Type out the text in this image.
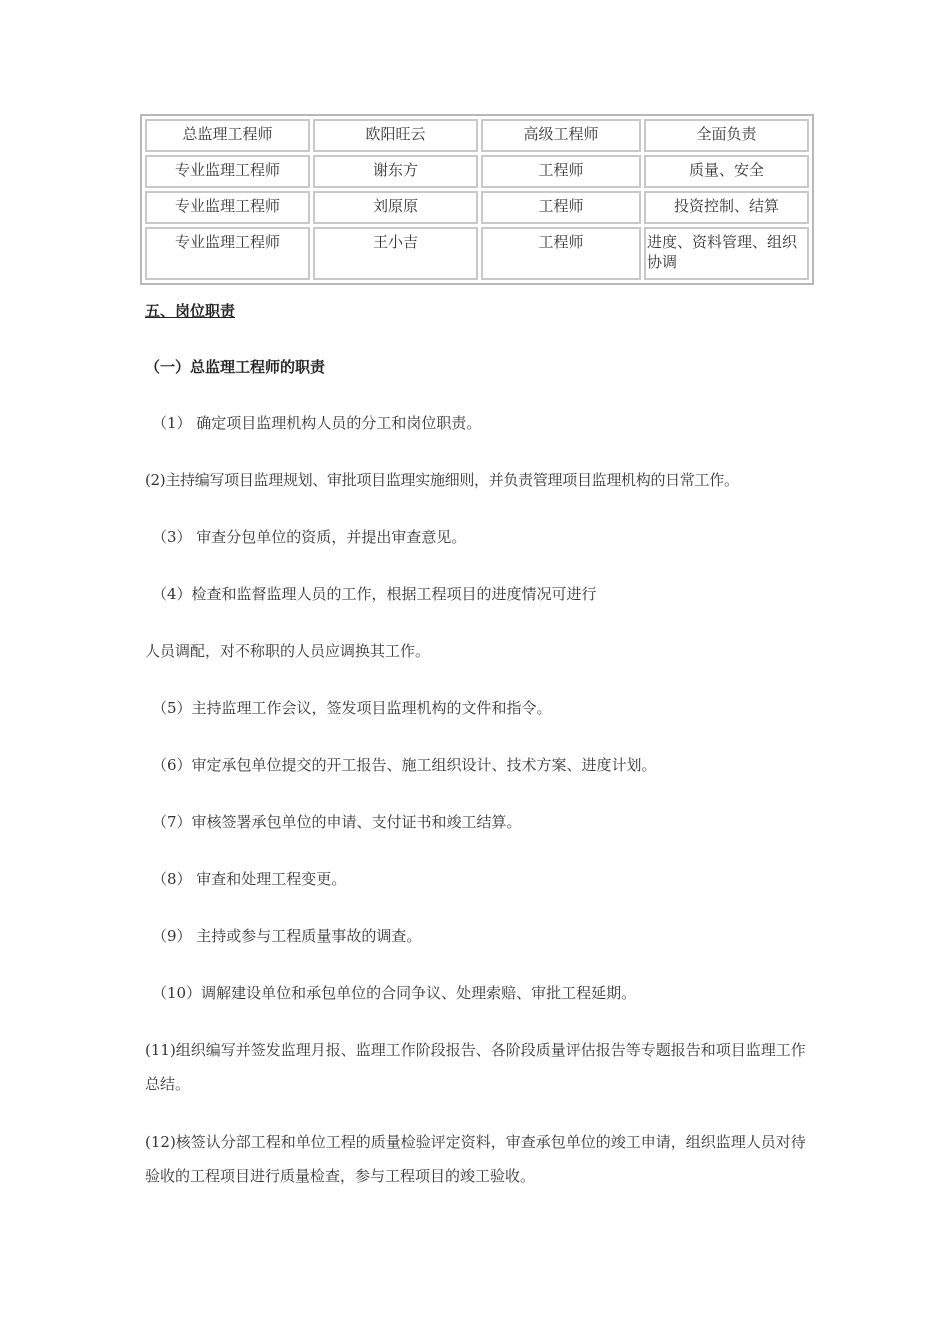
总监理工程师	欧阳旺云	高级工程师	全面负责
专业监理工程师	谢东方	工程师	质量、安全
专业监理工程师	刘原原	工程师	投资控制、结算
专业监理工程师	王小吉	工程师	进度、资料管理、组织协调
五、岗位职责
（一）总监理工程师的职责
（1） 确定项目监理机构人员的分工和岗位职责。
(2)主持编写项目监理规划、审批项目监理实施细则，并负责管理项目监理机构的日常工作。
（3） 审查分包单位的资质，并提出审查意见。
（4）检查和监督监理人员的工作，根据工程项目的进度情况可进行
人员调配，对不称职的人员应调换其工作。
（5）主持监理工作会议，签发项目监理机构的文件和指令。
（6）审定承包单位提交的开工报告、施工组织设计、技术方案、进度计划。
（7）审核签署承包单位的申请、支付证书和竣工结算。
（8） 审查和处理工程变更。
（9） 主持或参与工程质量事故的调查。
（10）调解建设单位和承包单位的合同争议、处理索赔、审批工程延期。
(11)组织编写并签发监理月报、监理工作阶段报告、各阶段质量评估报告等专题报告和项目监理工作总结。
(12)核签认分部工程和单位工程的质量检验评定资料，审查承包单位的竣工申请，组织监理人员对待验收的工程项目进行质量检查，参与工程项目的竣工验收。
